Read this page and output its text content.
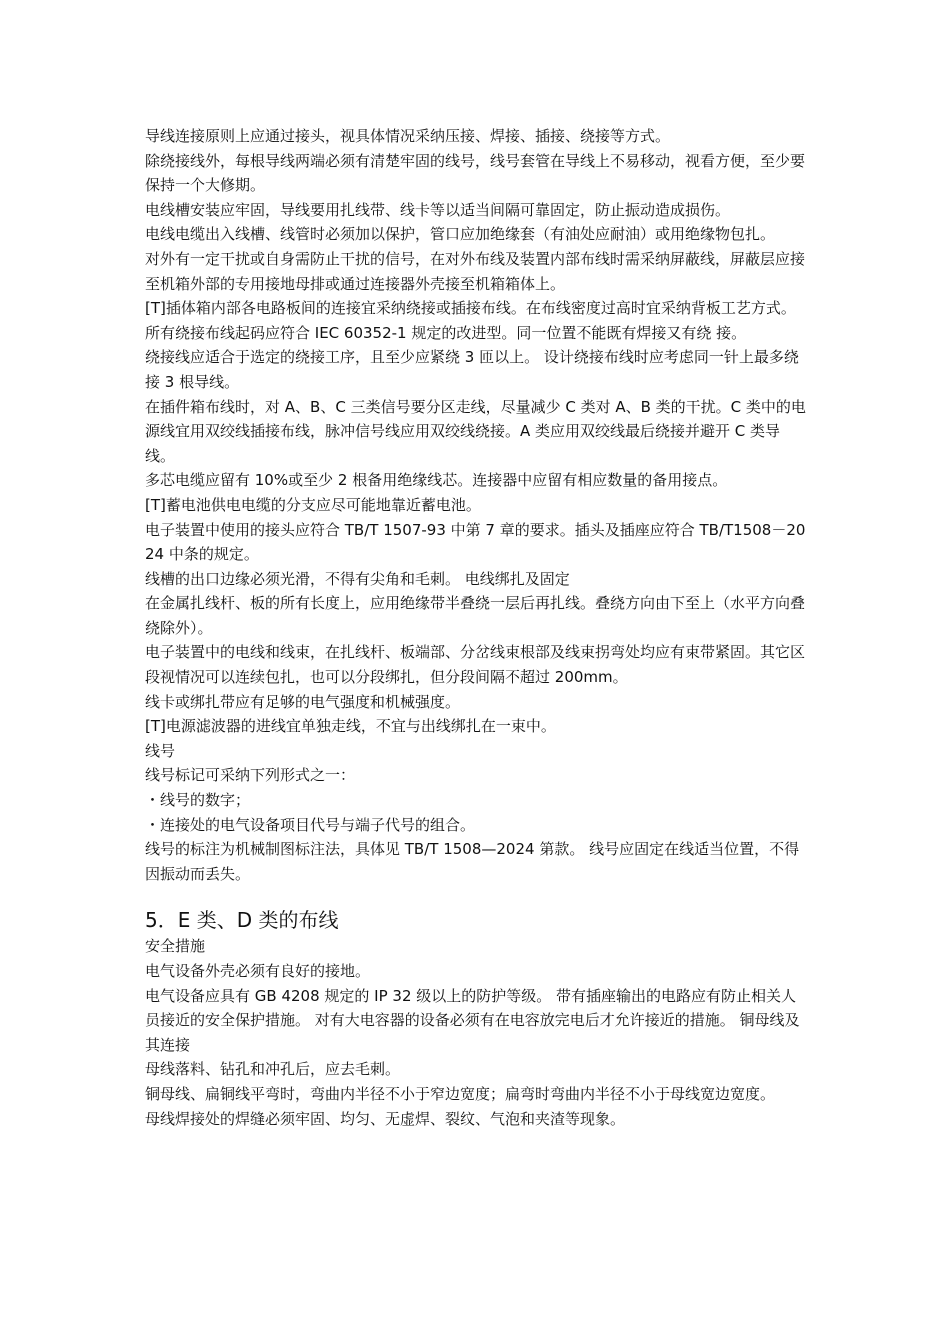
导线连接原则上应通过接头，视具体情况采纳压接、焊接、插接、绕接等方式。

除绕接线外，每根导线两端必须有清楚牢固的线号，线号套管在导线上不易移动，视看方便，至少要保持一个大修期。

电线槽安装应牢固，导线要用扎线带、线卡等以适当间隔可靠固定，防止振动造成损伤。

电线电缆出入线槽、线管时必须加以保护，管口应加绝缘套（有油处应耐油）或用绝缘物包扎。

对外有一定干扰或自身需防止干扰的信号，在对外布线及装置内部布线时需采纳屏蔽线，屏蔽层应接至机箱外部的专用接地母排或通过连接器外壳接至机箱箱体上。

[T]插体箱内部各电路板间的连接宜采纳绕接或插接布线。在布线密度过高时宜采纳背板工艺方式。

所有绕接布线起码应符合 IEC 60352-1 规定的改进型。同一位置不能既有焊接又有绕 接。

绕接线应适合于选定的绕接工序，且至少应紧绕 3 匝以上。 设计绕接布线时应考虑同一针上最多绕接 3 根导线。

在插件箱布线时，对 A、B、C 三类信号要分区走线，尽量减少 C 类对 A、B 类的干扰。C 类中的电源线宜用双绞线插接布线，脉冲信号线应用双绞线绕接。A 类应用双绞线最后绕接并避开 C 类导线。

多芯电缆应留有 10%或至少 2 根备用绝缘线芯。连接器中应留有相应数量的备用接点。

[T]蓄电池供电电缆的分支应尽可能地靠近蓄电池。

电子装置中使用的接头应符合 TB/T 1507-93 中第 7 章的要求。插头及插座应符合 TB/T1508－2024 中条的规定。

线槽的出口边缘必须光滑，不得有尖角和毛刺。 电线绑扎及固定

在金属扎线杆、板的所有长度上，应用绝缘带半叠绕一层后再扎线。叠绕方向由下至上（水平方向叠绕除外）。

电子装置中的电线和线束，在扎线杆、板端部、分岔线束根部及线束拐弯处均应有束带紧固。其它区段视情况可以连续包扎，也可以分段绑扎，但分段间隔不超过 200mm。

线卡或绑扎带应有足够的电气强度和机械强度。

[T]电源滤波器的进线宜单独走线，不宜与出线绑扎在一束中。

线号

线号标记可采纳下列形式之一：

・线号的数字；

・连接处的电气设备项目代号与端子代号的组合。

线号的标注为机械制图标注法，具体见 TB/T 1508—2024 第款。 线号应固定在线适当位置，不得因振动而丢失。

5．E 类、D 类的布线

安全措施

电气设备外壳必须有良好的接地。

电气设备应具有 GB 4208 规定的 IP 32 级以上的防护等级。 带有插座输出的电路应有防止相关人员接近的安全保护措施。 对有大电容器的设备必须有在电容放完电后才允许接近的措施。 铜母线及其连接

母线落料、钻孔和冲孔后，应去毛刺。

铜母线、扁铜线平弯时，弯曲内半径不小于窄边宽度；扁弯时弯曲内半径不小于母线宽边宽度。

母线焊接处的焊缝必须牢固、均匀、无虚焊、裂纹、气泡和夹渣等现象。
